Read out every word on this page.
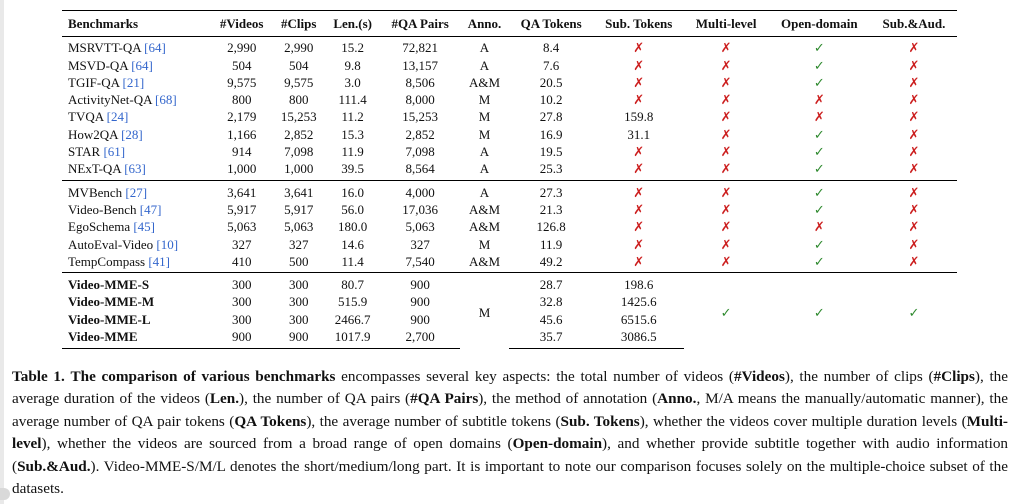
Benchmarks	#Videos	#Clips	Len.(s)	#QA Pairs	Anno.	QA Tokens	Sub. Tokens	Multi-level	Open-domain	Sub.&Aud.
MSRVTT-QA [64]	2,990	2,990	15.2	72,821	A	8.4	✗	✗	✓	✗
MSVD-QA [64]	504	504	9.8	13,157	A	7.6	✗	✗	✓	✗
TGIF-QA [21]	9,575	9,575	3.0	8,506	A&M	20.5	✗	✗	✓	✗
ActivityNet-QA [68]	800	800	111.4	8,000	M	10.2	✗	✗	✗	✗
TVQA [24]	2,179	15,253	11.2	15,253	M	27.8	159.8	✗	✗	✗
How2QA [28]	1,166	2,852	15.3	2,852	M	16.9	31.1	✗	✓	✗
STAR [61]	914	7,098	11.9	7,098	A	19.5	✗	✗	✓	✗
NExT-QA [63]	1,000	1,000	39.5	8,564	A	25.3	✗	✗	✓	✗
MVBench [27]	3,641	3,641	16.0	4,000	A	27.3	✗	✗	✓	✗
Video-Bench [47]	5,917	5,917	56.0	17,036	A&M	21.3	✗	✗	✓	✗
EgoSchema [45]	5,063	5,063	180.0	5,063	A&M	126.8	✗	✗	✗	✗
AutoEval-Video [10]	327	327	14.6	327	M	11.9	✗	✗	✓	✗
TempCompass [41]	410	500	11.4	7,540	A&M	49.2	✗	✗	✓	✗
Video-MME-S	300	300	80.7	900	M	28.7	198.6	✓	✓	✓
Video-MME-M	300	300	515.9	900		32.8	1425.6			
Video-MME-L	300	300	2466.7	900		45.6	6515.6			
Video-MME	900	900	1017.9	2,700		35.7	3086.5			
Table 1. The comparison of various benchmarks encompasses several key aspects: the total number of videos (#Videos), the number of clips (#Clips), the average duration of the videos (Len.), the number of QA pairs (#QA Pairs), the method of annotation (Anno., M/A means the manually/automatic manner), the average number of QA pair tokens (QA Tokens), the average number of subtitle tokens (Sub. Tokens), whether the videos cover multiple duration levels (Multi-level), whether the videos are sourced from a broad range of open domains (Open-domain), and whether provide subtitle together with audio information (Sub.&Aud.). Video-MME-S/M/L denotes the short/medium/long part. It is important to note our comparison focuses solely on the multiple-choice subset of the datasets.
